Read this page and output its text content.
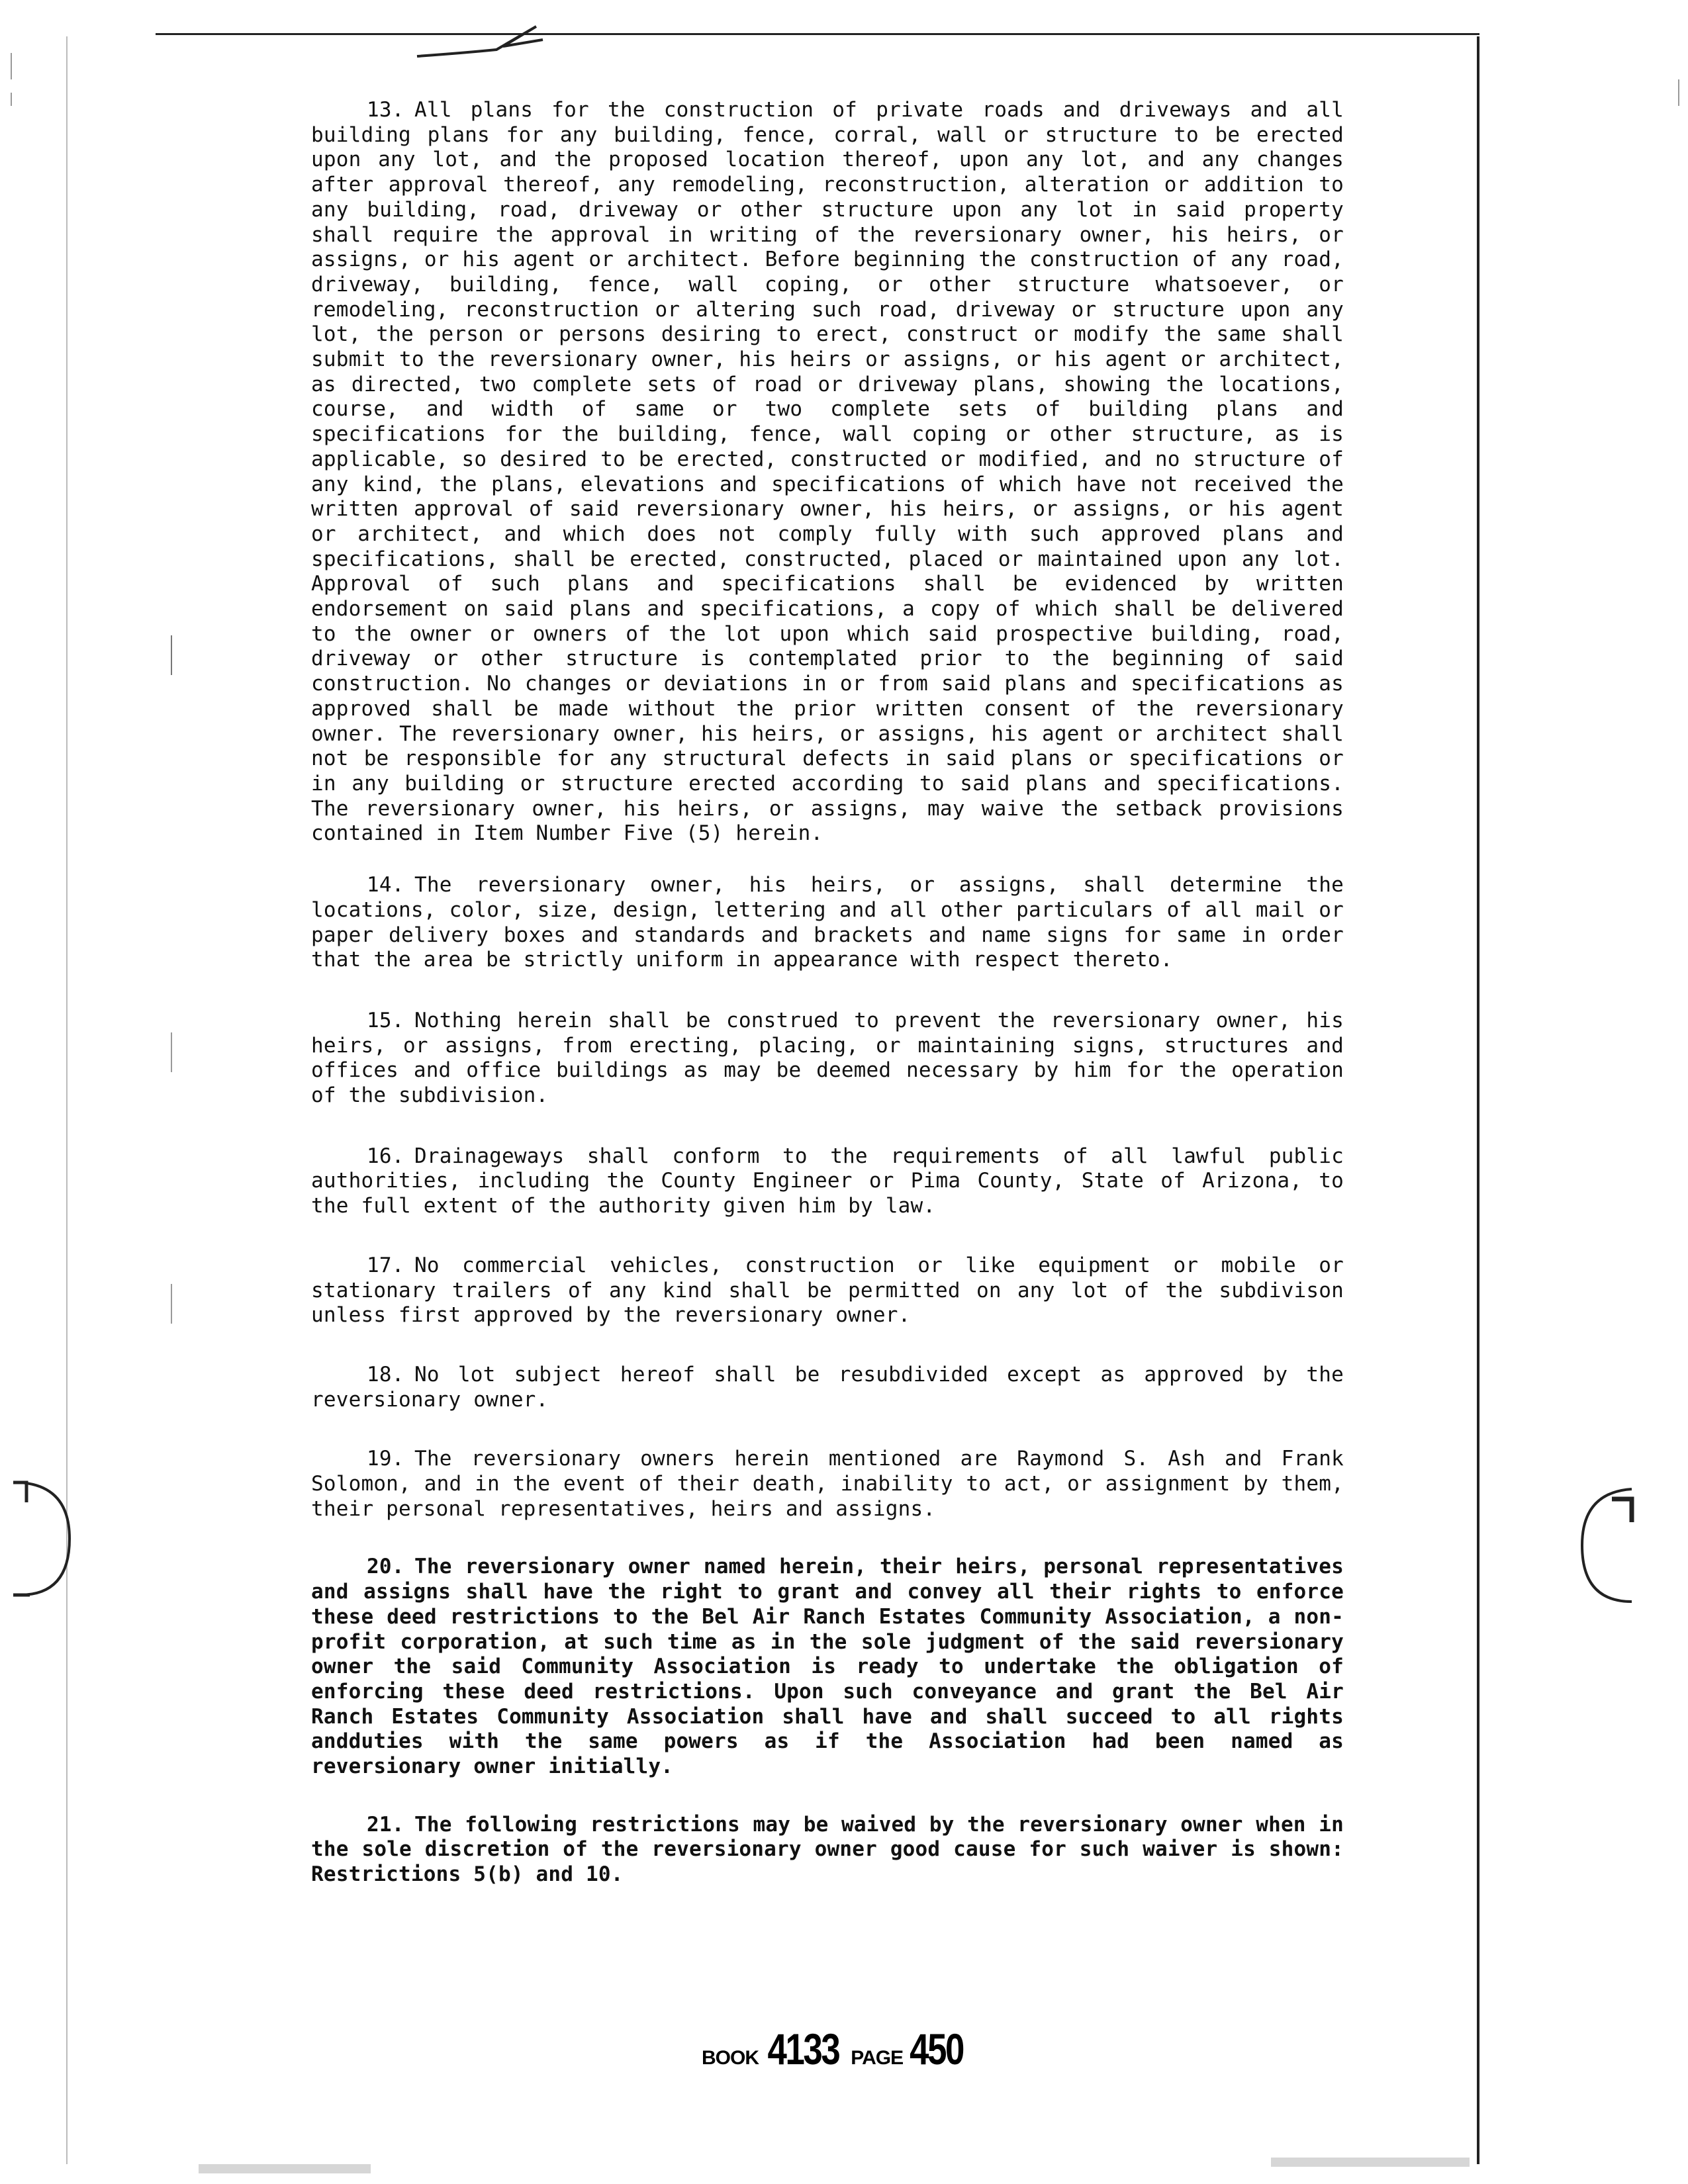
13. All plans for the construction of private roads and driveways and all building plans for any building, fence, corral, wall or structure to be erected upon any lot, and the proposed location thereof, upon any lot, and any changes after approval thereof, any remodeling, reconstruction, alteration or addition to any building, road, driveway or other structure upon any lot in said property shall require the approval in writing of the reversionary owner, his heirs, or assigns, or his agent or architect. Before beginning the construction of any road, driveway, building, fence, wall coping, or other structure whatsoever, or remodeling, reconstruction or altering such road, driveway or structure upon any lot, the person or persons desiring to erect, construct or modify the same shall submit to the reversionary owner, his heirs or assigns, or his agent or architect, as directed, two complete sets of road or driveway plans, showing the locations, course, and width of same or two complete sets of building plans and specifications for the building, fence, wall coping or other structure, as is applicable, so desired to be erected, constructed or modified, and no structure of any kind, the plans, elevations and specifications of which have not received the written approval of said reversionary owner, his heirs, or assigns, or his agent or architect, and which does not comply fully with such approved plans and specifications, shall be erected, constructed, placed or maintained upon any lot. Approval of such plans and specifications shall be evidenced by written endorsement on said plans and specifications, a copy of which shall be delivered to the owner or owners of the lot upon which said prospective building, road, driveway or other structure is contemplated prior to the beginning of said construction. No changes or deviations in or from said plans and specifications as approved shall be made without the prior written consent of the reversionary owner. The reversionary owner, his heirs, or assigns, his agent or architect shall not be responsible for any structural defects in said plans or specifications or in any building or structure erected according to said plans and specifications. The reversionary owner, his heirs, or assigns, may waive the setback provisions contained in Item Number Five (5) herein.

14. The reversionary owner, his heirs, or assigns, shall determine the locations, color, size, design, lettering and all other particulars of all mail or paper delivery boxes and standards and brackets and name signs for same in order that the area be strictly uniform in appearance with respect thereto.

15. Nothing herein shall be construed to prevent the reversionary owner, his heirs, or assigns, from erecting, placing, or maintaining signs, structures and offices and office buildings as may be deemed necessary by him for the operation of the subdivision.

16. Drainageways shall conform to the requirements of all lawful public authorities, including the County Engineer or Pima County, State of Arizona, to the full extent of the authority given him by law.

17. No commercial vehicles, construction or like equipment or mobile or stationary trailers of any kind shall be permitted on any lot of the subdivison unless first approved by the reversionary owner.

18. No lot subject hereof shall be resubdivided except as approved by the reversionary owner.

19. The reversionary owners herein mentioned are Raymond S. Ash and Frank Solomon, and in the event of their death, inability to act, or assignment by them, their personal representatives, heirs and assigns.

20. The reversionary owner named herein, their heirs, personal representatives and assigns shall have the right to grant and convey all their rights to enforce these deed restrictions to the Bel Air Ranch Estates Community Association, a non-profit corporation, at such time as in the sole judgment of the said reversionary owner the said Community Association is ready to undertake the obligation of enforcing these deed restrictions. Upon such conveyance and grant the Bel Air Ranch Estates Community Association shall have and shall succeed to all rights andduties with the same powers as if the Association had been named as reversionary owner initially.

21. The following restrictions may be waived by the reversionary owner when in the sole discretion of the reversionary owner good cause for such waiver is shown: Restrictions 5(b) and 10.

BOOK 4133 PAGE 450
